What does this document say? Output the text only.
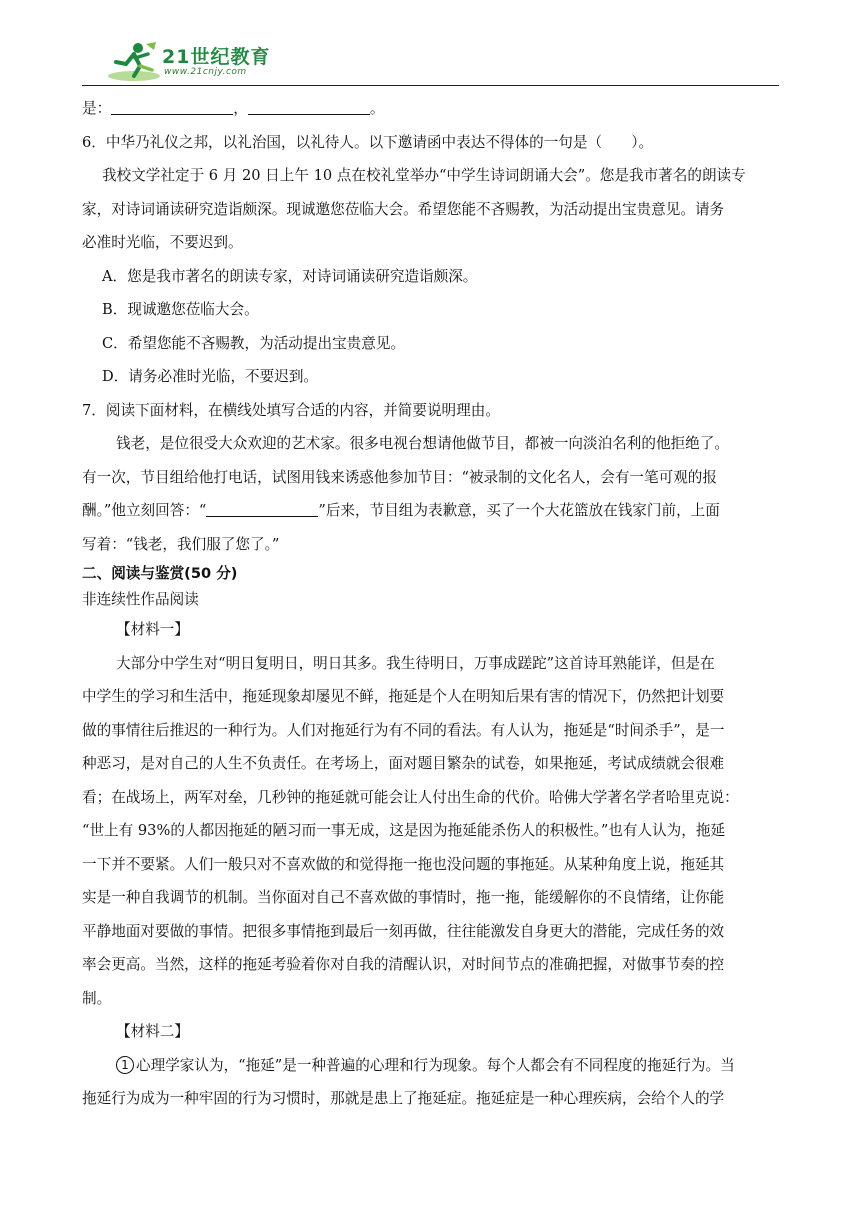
21世纪教育
www.21cnjy.com
是：	，	。
6．中华乃礼仪之邦，以礼治国，以礼待人。以下邀请函中表达不得体的一句是（　　）。
我校文学社定于 6 月 20 日上午 10 点在校礼堂举办“中学生诗词朗诵大会”。您是我市著名的朗读专
家，对诗词诵读研究造诣颇深。现诚邀您莅临大会。希望您能不吝赐教，为活动提出宝贵意见。请务
必准时光临，不要迟到。
A．您是我市著名的朗读专家，对诗词诵读研究造诣颇深。
B．现诚邀您莅临大会。
C．希望您能不吝赐教，为活动提出宝贵意见。
D．请务必准时光临，不要迟到。
7．阅读下面材料，在横线处填写合适的内容，并简要说明理由。
钱老，是位很受大众欢迎的艺术家。很多电视台想请他做节目，都被一向淡泊名利的他拒绝了。
有一次，节目组给他打电话，试图用钱来诱惑他参加节目：“被录制的文化名人，会有一笔可观的报
酬。”他立刻回答：“	”后来，节目组为表歉意，买了一个大花篮放在钱家门前，上面
写着：“钱老，我们服了您了。”
二、阅读与鉴赏(50 分)
非连续性作品阅读
【材料一】
大部分中学生对“明日复明日，明日其多。我生待明日，万事成蹉跎”这首诗耳熟能详，但是在
中学生的学习和生活中，拖延现象却屡见不鲜，拖延是个人在明知后果有害的情况下，仍然把计划要
做的事情往后推迟的一种行为。人们对拖延行为有不同的看法。有人认为，拖延是“时间杀手”，是一
种恶习，是对自己的人生不负责任。在考场上，面对题目繁杂的试卷，如果拖延，考试成绩就会很难
看；在战场上，两军对垒，几秒钟的拖延就可能会让人付出生命的代价。哈佛大学著名学者哈里克说：
“世上有 93%的人都因拖延的陋习而一事无成，这是因为拖延能杀伤人的积极性。”也有人认为，拖延
一下并不要紧。人们一般只对不喜欢做的和觉得拖一拖也没问题的事拖延。从某种角度上说，拖延其
实是一种自我调节的机制。当你面对自己不喜欢做的事情时，拖一拖，能缓解你的不良情绪，让你能
平静地面对要做的事情。把很多事情拖到最后一刻再做，往往能激发自身更大的潜能，完成任务的效
率会更高。当然，这样的拖延考验着你对自我的清醒认识，对时间节点的准确把握，对做事节奏的控
制。
【材料二】
1 心理学家认为，“拖延”是一种普遍的心理和行为现象。每个人都会有不同程度的拖延行为。当
拖延行为成为一种牢固的行为习惯时，那就是患上了拖延症。拖延症是一种心理疾病，会给个人的学
